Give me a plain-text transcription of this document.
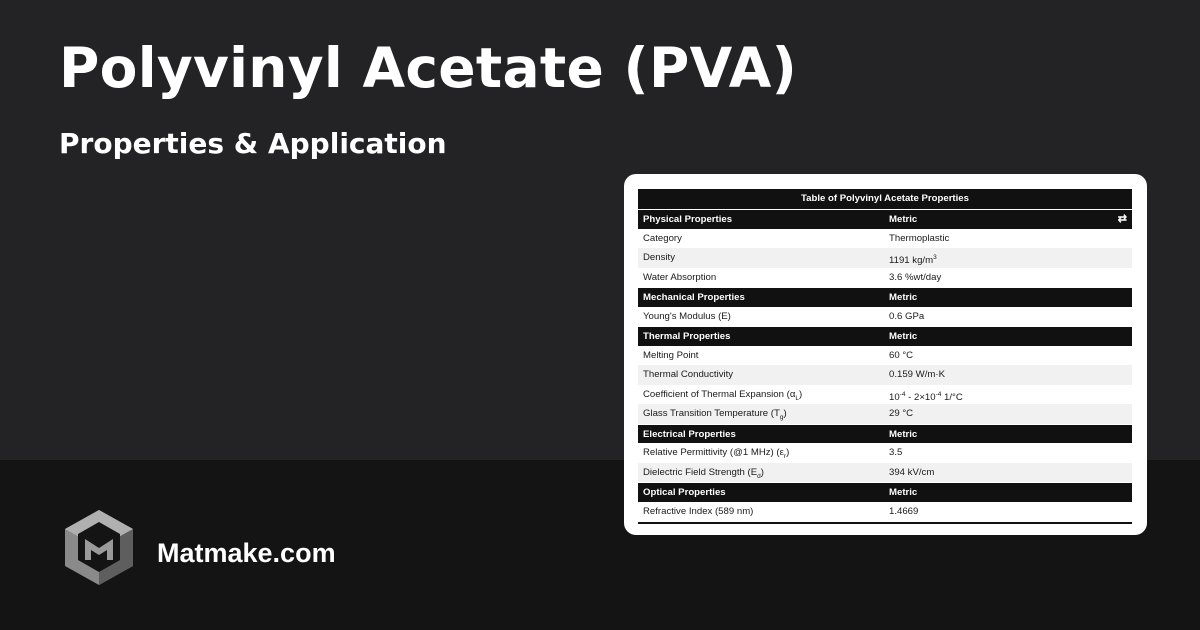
Polyvinyl Acetate (PVA)
Properties & Application
Matmake.com
Table of Polyvinyl Acetate Properties
Physical Properties	Metric	⇄
Category	Thermoplastic
Density	1191 $kg/m^3$
Water Absorption	3.6 %wt/day
Mechanical Properties	Metric
Young's Modulus (E)	0.6 GPa
Thermal Properties	Metric
Melting Point	60 °C
Thermal Conductivity	0.159 W/m·K
Coefficient of Thermal Expansion $(\alpha_L)$	$10^{-4} - 2\times 10^{-4}$ 1/°C
Glass Transition Temperature $(T_g)$	29 °C
Electrical Properties	Metric
Relative Permittivity (@1 MHz) $(\varepsilon_r)$	3.5
Dielectric Field Strength $(E_d)$	394 kV/cm
Optical Properties	Metric
Refractive Index (589 nm)	1.4669
